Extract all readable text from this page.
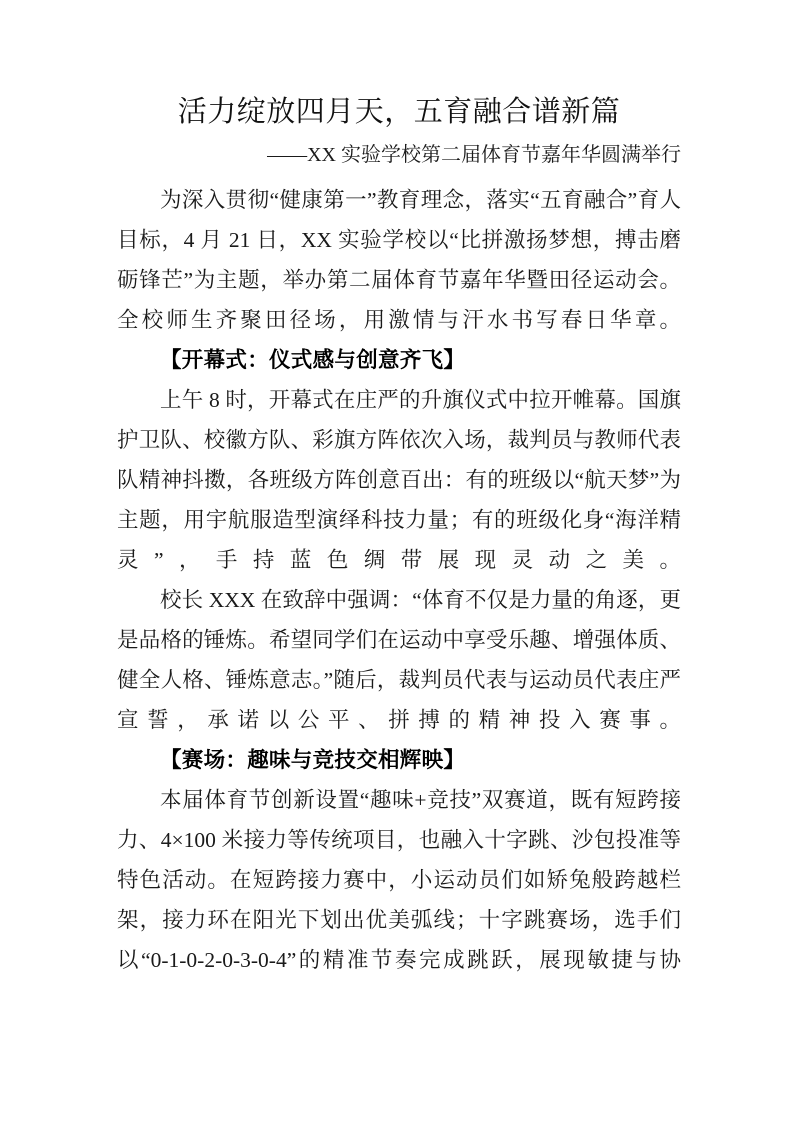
活力绽放四月天，五育融合谱新篇
——XX 实验学校第二届体育节嘉年华圆满举行

为深入贯彻“健康第一”教育理念，落实“五育融合”育人目标，4 月 21 日，XX 实验学校以“比拼激扬梦想，搏击磨砺锋芒”为主题，举办第二届体育节嘉年华暨田径运动会。全校师生齐聚田径场，用激情与汗水书写春日华章。

【开幕式：仪式感与创意齐飞】

上午 8 时，开幕式在庄严的升旗仪式中拉开帷幕。国旗护卫队、校徽方队、彩旗方阵依次入场，裁判员与教师代表队精神抖擞，各班级方阵创意百出：有的班级以“航天梦”为主题，用宇航服造型演绎科技力量；有的班级化身“海洋精灵”，手持蓝色绸带展现灵动之美。

校长 XXX 在致辞中强调：“体育不仅是力量的角逐，更是品格的锤炼。希望同学们在运动中享受乐趣、增强体质、健全人格、锤炼意志。”随后，裁判员代表与运动员代表庄严宣誓，承诺以公平、拼搏的精神投入赛事。

【赛场：趣味与竞技交相辉映】

本届体育节创新设置“趣味+竞技”双赛道，既有短跨接力、4×100 米接力等传统项目，也融入十字跳、沙包投准等特色活动。在短跨接力赛中，小运动员们如矫兔般跨越栏架，接力环在阳光下划出优美弧线；十字跳赛场，选手们以“0-1-0-2-0-3-0-4”的精准节奏完成跳跃，展现敏捷与协
